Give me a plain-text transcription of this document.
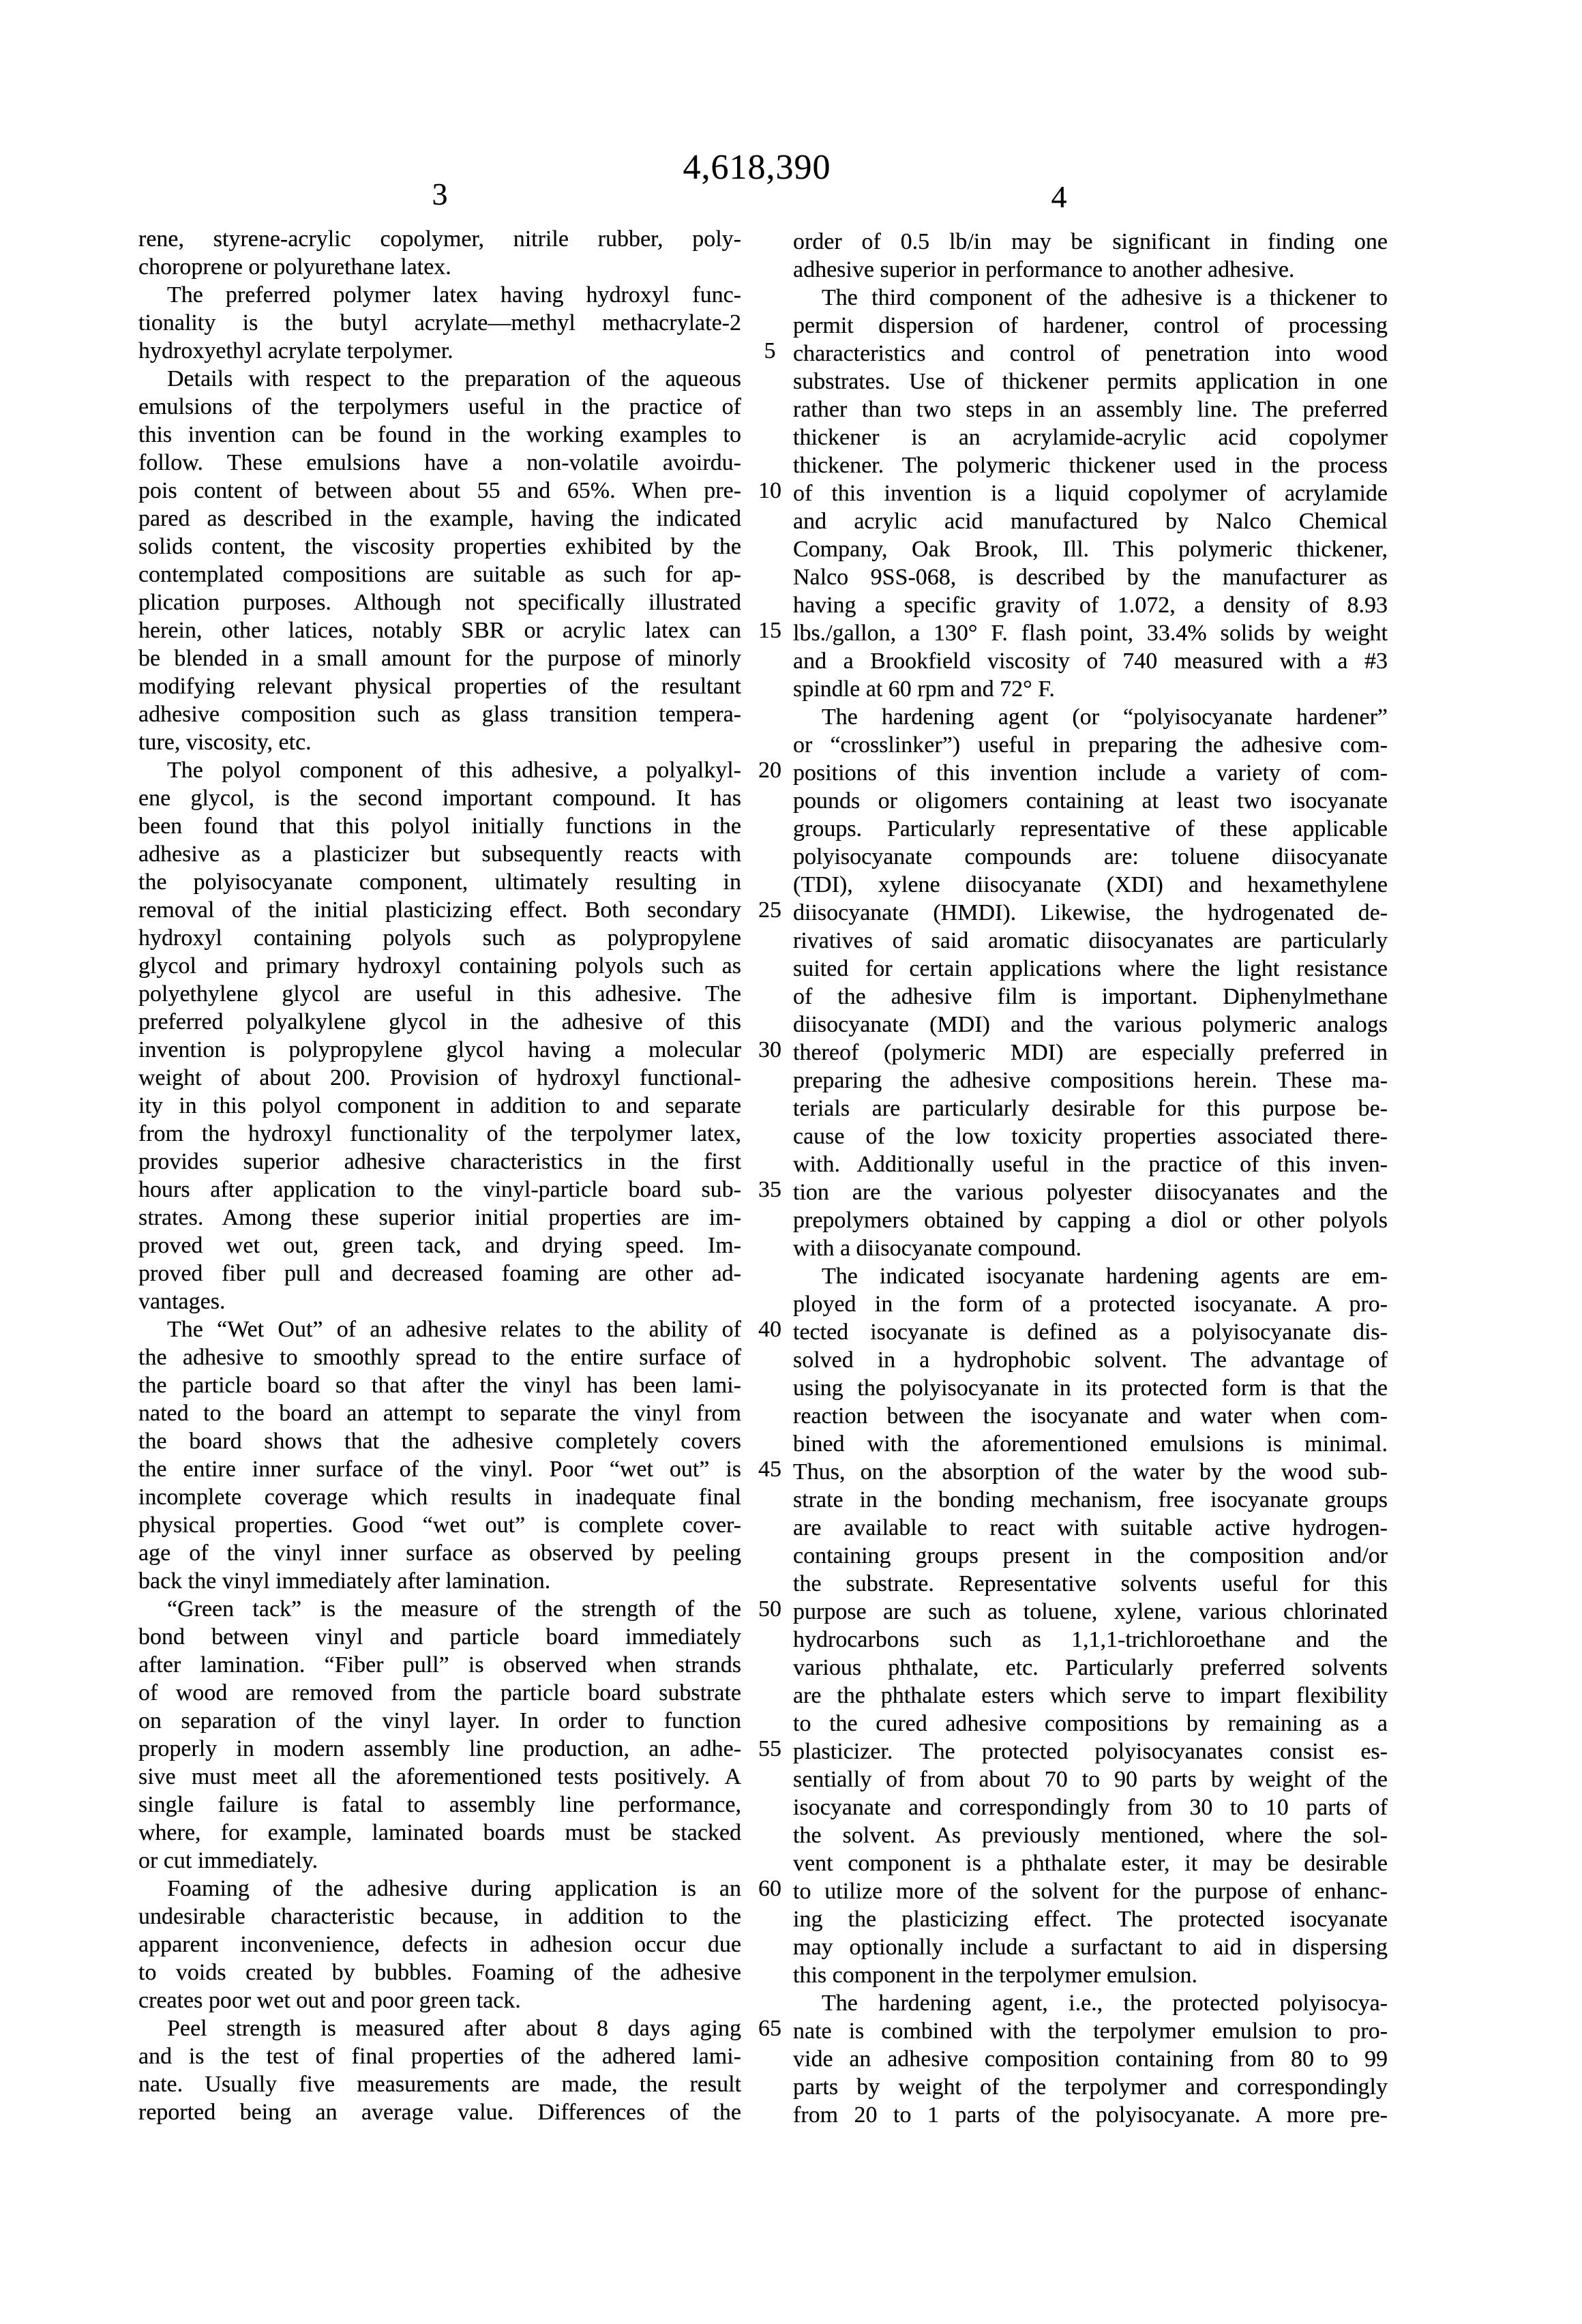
4,618,390
3	4
rene, styrene-acrylic copolymer, nitrile rubber, poly-
choroprene or polyurethane latex.
The preferred polymer latex having hydroxyl func-
tionality is the butyl acrylate—methyl methacrylate-2
hydroxyethyl acrylate terpolymer.
Details with respect to the preparation of the aqueous
emulsions of the terpolymers useful in the practice of
this invention can be found in the working examples to
follow. These emulsions have a non-volatile avoirdu-
pois content of between about 55 and 65%. When pre-
pared as described in the example, having the indicated
solids content, the viscosity properties exhibited by the
contemplated compositions are suitable as such for ap-
plication purposes. Although not specifically illustrated
herein, other latices, notably SBR or acrylic latex can
be blended in a small amount for the purpose of minorly
modifying relevant physical properties of the resultant
adhesive composition such as glass transition tempera-
ture, viscosity, etc.
The polyol component of this adhesive, a polyalkyl-
ene glycol, is the second important compound. It has
been found that this polyol initially functions in the
adhesive as a plasticizer but subsequently reacts with
the polyisocyanate component, ultimately resulting in
removal of the initial plasticizing effect. Both secondary
hydroxyl containing polyols such as polypropylene
glycol and primary hydroxyl containing polyols such as
polyethylene glycol are useful in this adhesive. The
preferred polyalkylene glycol in the adhesive of this
invention is polypropylene glycol having a molecular
weight of about 200. Provision of hydroxyl functional-
ity in this polyol component in addition to and separate
from the hydroxyl functionality of the terpolymer latex,
provides superior adhesive characteristics in the first
hours after application to the vinyl-particle board sub-
strates. Among these superior initial properties are im-
proved wet out, green tack, and drying speed. Im-
proved fiber pull and decreased foaming are other ad-
vantages.
The “Wet Out” of an adhesive relates to the ability of
the adhesive to smoothly spread to the entire surface of
the particle board so that after the vinyl has been lami-
nated to the board an attempt to separate the vinyl from
the board shows that the adhesive completely covers
the entire inner surface of the vinyl. Poor “wet out” is
incomplete coverage which results in inadequate final
physical properties. Good “wet out” is complete cover-
age of the vinyl inner surface as observed by peeling
back the vinyl immediately after lamination.
“Green tack” is the measure of the strength of the
bond between vinyl and particle board immediately
after lamination. “Fiber pull” is observed when strands
of wood are removed from the particle board substrate
on separation of the vinyl layer. In order to function
properly in modern assembly line production, an adhe-
sive must meet all the aforementioned tests positively. A
single failure is fatal to assembly line performance,
where, for example, laminated boards must be stacked
or cut immediately.
Foaming of the adhesive during application is an
undesirable characteristic because, in addition to the
apparent inconvenience, defects in adhesion occur due
to voids created by bubbles. Foaming of the adhesive
creates poor wet out and poor green tack.
Peel strength is measured after about 8 days aging
and is the test of final properties of the adhered lami-
nate. Usually five measurements are made, the result
reported being an average value. Differences of the
5
10
15
20
25
30
35
40
45
50
55
60
65
order of 0.5 lb/in may be significant in finding one
adhesive superior in performance to another adhesive.
The third component of the adhesive is a thickener to
permit dispersion of hardener, control of processing
characteristics and control of penetration into wood
substrates. Use of thickener permits application in one
rather than two steps in an assembly line. The preferred
thickener is an acrylamide-acrylic acid copolymer
thickener. The polymeric thickener used in the process
of this invention is a liquid copolymer of acrylamide
and acrylic acid manufactured by Nalco Chemical
Company, Oak Brook, Ill. This polymeric thickener,
Nalco 9SS-068, is described by the manufacturer as
having a specific gravity of 1.072, a density of 8.93
lbs./gallon, a 130° F. flash point, 33.4% solids by weight
and a Brookfield viscosity of 740 measured with a #3
spindle at 60 rpm and 72° F.
The hardening agent (or “polyisocyanate hardener”
or “crosslinker”) useful in preparing the adhesive com-
positions of this invention include a variety of com-
pounds or oligomers containing at least two isocyanate
groups. Particularly representative of these applicable
polyisocyanate compounds are: toluene diisocyanate
(TDI), xylene diisocyanate (XDI) and hexamethylene
diisocyanate (HMDI). Likewise, the hydrogenated de-
rivatives of said aromatic diisocyanates are particularly
suited for certain applications where the light resistance
of the adhesive film is important. Diphenylmethane
diisocyanate (MDI) and the various polymeric analogs
thereof (polymeric MDI) are especially preferred in
preparing the adhesive compositions herein. These ma-
terials are particularly desirable for this purpose be-
cause of the low toxicity properties associated there-
with. Additionally useful in the practice of this inven-
tion are the various polyester diisocyanates and the
prepolymers obtained by capping a diol or other polyols
with a diisocyanate compound.
The indicated isocyanate hardening agents are em-
ployed in the form of a protected isocyanate. A pro-
tected isocyanate is defined as a polyisocyanate dis-
solved in a hydrophobic solvent. The advantage of
using the polyisocyanate in its protected form is that the
reaction between the isocyanate and water when com-
bined with the aforementioned emulsions is minimal.
Thus, on the absorption of the water by the wood sub-
strate in the bonding mechanism, free isocyanate groups
are available to react with suitable active hydrogen-
containing groups present in the composition and/or
the substrate. Representative solvents useful for this
purpose are such as toluene, xylene, various chlorinated
hydrocarbons such as 1,1,1-trichloroethane and the
various phthalate, etc. Particularly preferred solvents
are the phthalate esters which serve to impart flexibility
to the cured adhesive compositions by remaining as a
plasticizer. The protected polyisocyanates consist es-
sentially of from about 70 to 90 parts by weight of the
isocyanate and correspondingly from 30 to 10 parts of
the solvent. As previously mentioned, where the sol-
vent component is a phthalate ester, it may be desirable
to utilize more of the solvent for the purpose of enhanc-
ing the plasticizing effect. The protected isocyanate
may optionally include a surfactant to aid in dispersing
this component in the terpolymer emulsion.
The hardening agent, i.e., the protected polyisocya-
nate is combined with the terpolymer emulsion to pro-
vide an adhesive composition containing from 80 to 99
parts by weight of the terpolymer and correspondingly
from 20 to 1 parts of the polyisocyanate. A more pre-
